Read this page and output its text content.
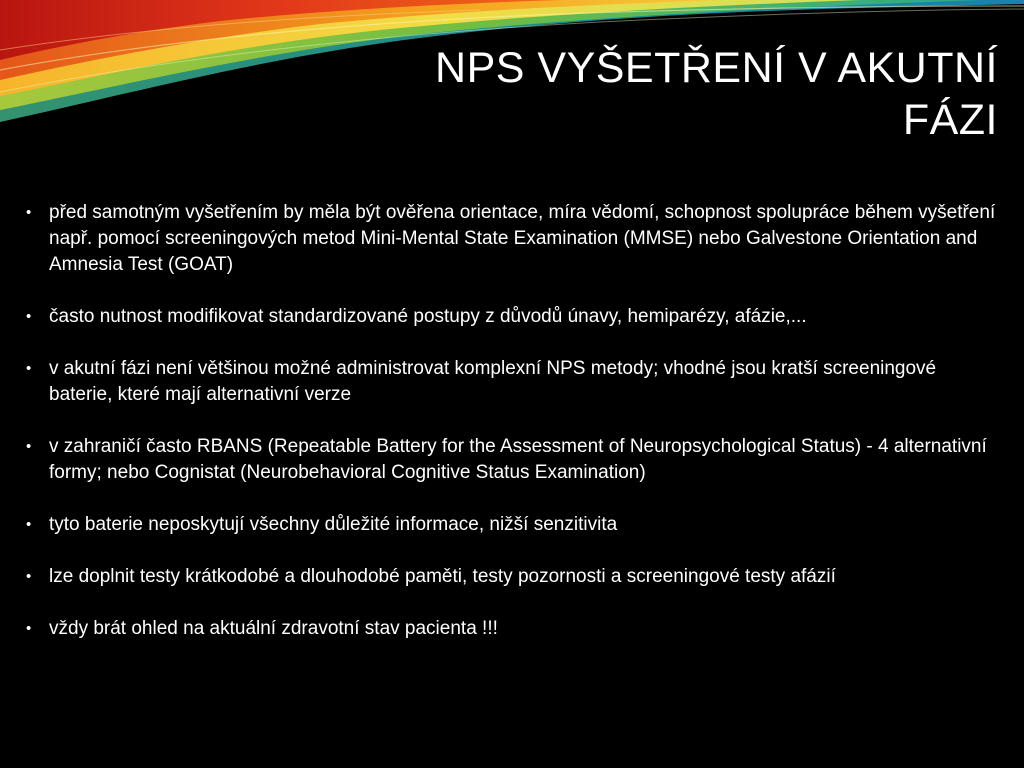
NPS VYŠETŘENÍ V AKUTNÍ
FÁZI
• před samotným vyšetřením by měla být ověřena orientace, míra vědomí, schopnost spolupráce během vyšetření např. pomocí screeningových metod Mini-Mental State Examination (MMSE) nebo Galvestone Orientation and Amnesia Test (GOAT)
• často nutnost modifikovat standardizované postupy z důvodů únavy, hemiparézy, afázie,...
• v akutní fázi není většinou možné administrovat komplexní NPS metody; vhodné jsou kratší screeningové baterie, které mají alternativní verze
• v zahraničí často RBANS (Repeatable Battery for the Assessment of Neuropsychological Status) - 4 alternativní formy; nebo Cognistat (Neurobehavioral Cognitive Status Examination)
• tyto baterie neposkytují všechny důležité informace, nižší senzitivita
• lze doplnit testy krátkodobé a dlouhodobé paměti, testy pozornosti a screeningové testy afázií
• vždy brát ohled na aktuální zdravotní stav pacienta !!!
